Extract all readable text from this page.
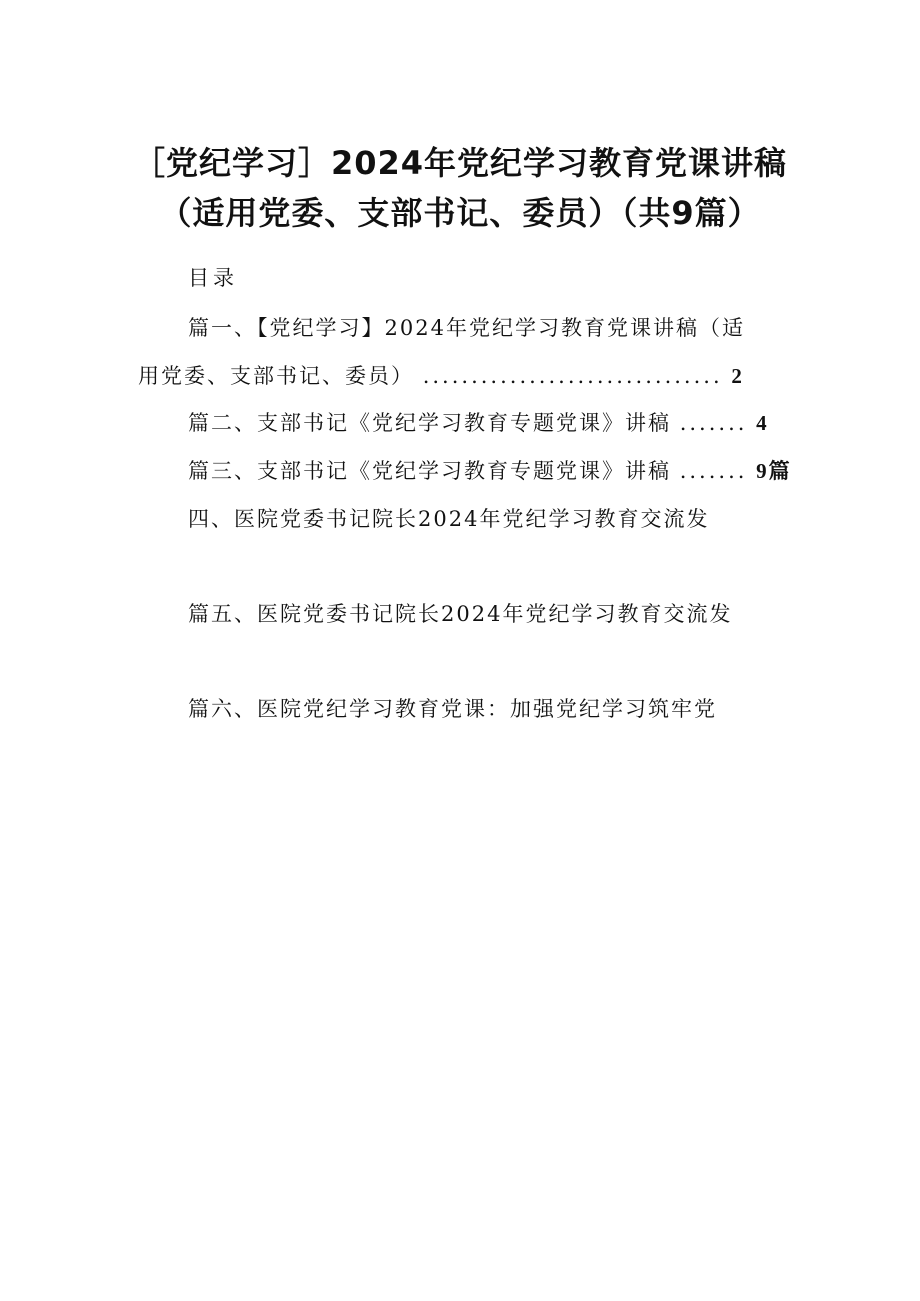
［党纪学习］2024年党纪学习教育党课讲稿
（适用党委、支部书记、委员）（共9篇）
目录
篇一、【党纪学习】2024年党纪学习教育党课讲稿（适
用党委、支部书记、委员） ............................... 2
篇二、支部书记《党纪学习教育专题党课》讲稿 ....... 4
篇三、支部书记《党纪学习教育专题党课》讲稿 ....... 9篇
四、医院党委书记院长2024年党纪学习教育交流发
篇五、医院党委书记院长2024年党纪学习教育交流发
篇六、医院党纪学习教育党课：加强党纪学习筑牢党
